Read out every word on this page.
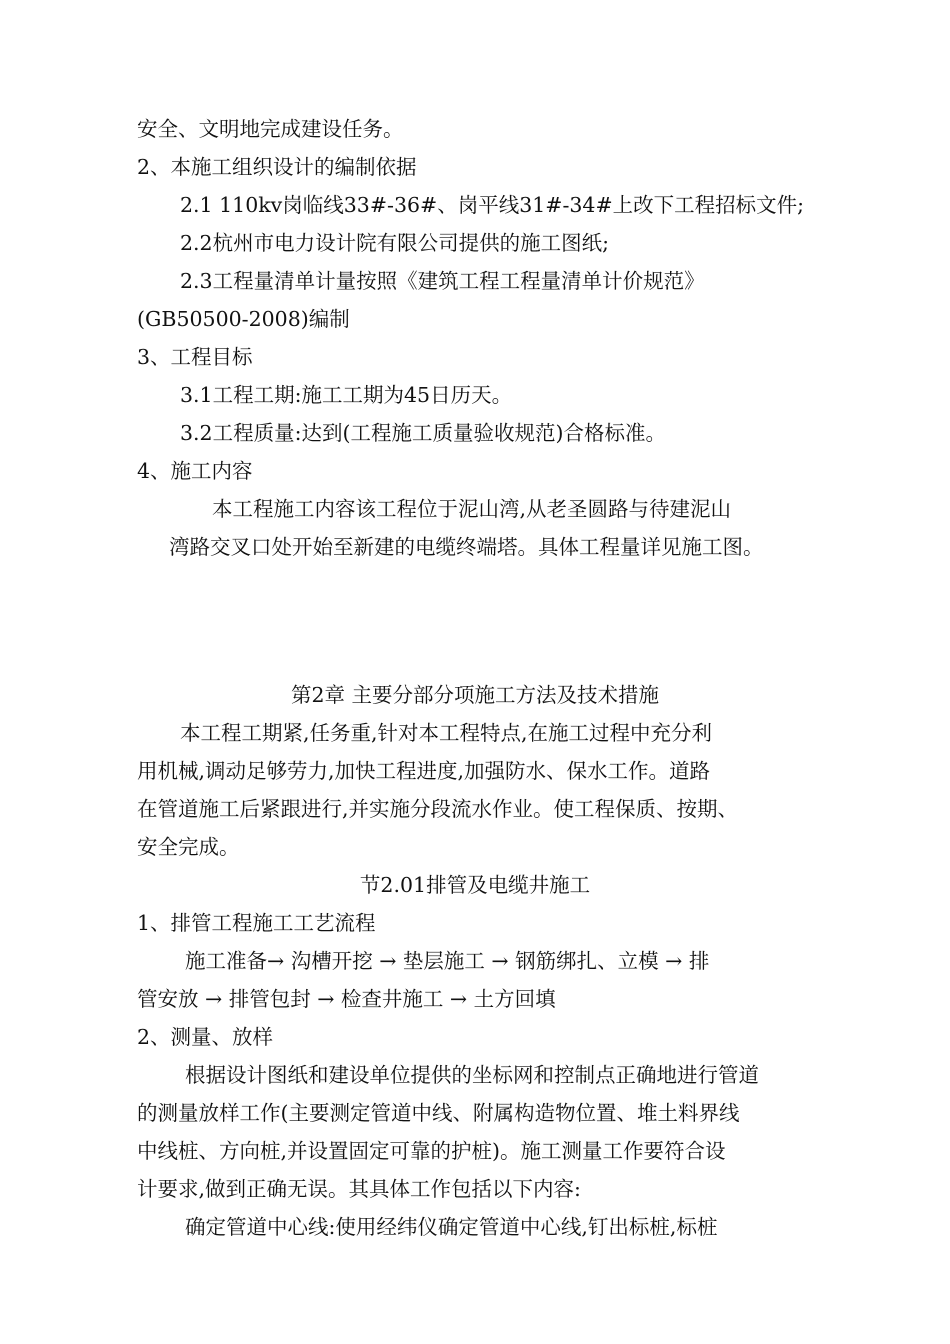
安全、文明地完成建设任务。
2、本施工组织设计的编制依据
2.1 110kv岗临线33#-36#、岗平线31#-34#上改下工程招标文件;
2.2杭州市电力设计院有限公司提供的施工图纸;
2.3工程量清单计量按照《建筑工程工程量清单计价规范》
(GB50500-2008)编制
3、工程目标
3.1工程工期:施工工期为45日历天。
3.2工程质量:达到(工程施工质量验收规范)合格标准。
4、施工内容
本工程施工内容该工程位于泥山湾,从老圣圆路与待建泥山
湾路交叉口处开始至新建的电缆终端塔。具体工程量详见施工图。
第2章 主要分部分项施工方法及技术措施
本工程工期紧,任务重,针对本工程特点,在施工过程中充分利
用机械,调动足够劳力,加快工程进度,加强防水、保水工作。道路
在管道施工后紧跟进行,并实施分段流水作业。使工程保质、按期、
安全完成。
节2.01排管及电缆井施工
1、排管工程施工工艺流程
施工准备→ 沟槽开挖 → 垫层施工 → 钢筋绑扎、立模 → 排
管安放 → 排管包封 → 检查井施工 → 土方回填
2、测量、放样
根据设计图纸和建设单位提供的坐标网和控制点正确地进行管道
的测量放样工作(主要测定管道中线、附属构造物位置、堆土料界线
中线桩、方向桩,并设置固定可靠的护桩)。施工测量工作要符合设
计要求,做到正确无误。其具体工作包括以下内容:
确定管道中心线:使用经纬仪确定管道中心线,钉出标桩,标桩
